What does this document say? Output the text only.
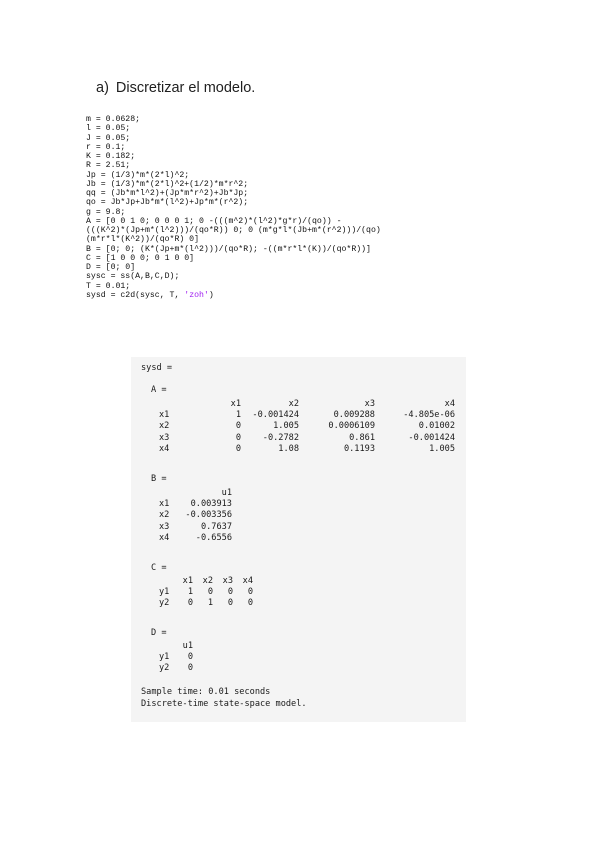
a) Discretizar el modelo.
m = 0.0628;
l = 0.05;
J = 0.05;
r = 0.1;
K = 0.182;
R = 2.51;
Jp = (1/3)*m*(2*l)^2;
Jb = (1/3)*m*(2*l)^2+(1/2)*m*r^2;
qq = (Jb*m*l^2)+(Jp*m*r^2)+Jb*Jp;
qo = Jb*Jp+Jb*m*(l^2)+Jp*m*(r^2);
g = 9.8;
A = [0 0 1 0; 0 0 0 1; 0 -(((m^2)*(l^2)*g*r)/(qo)) -
(((K^2)*(Jp+m*(l^2)))/(qo*R)) 0; 0 (m*g*l*(Jb+m*(r^2)))/(qo)
(m*r*l*(K^2))/(qo*R) 0]
B = [0; 0; (K*(Jp+m*(l^2)))/(qo*R); -((m*r*l*(K))/(qo*R))]
C = [1 0 0 0; 0 1 0 0]
D = [0; 0]
sysc = ss(A,B,C,D);
T = 0.01;
sysd = c2d(sysc, T, 'zoh')
sysd =
A =
x1	x2	x3	x4
x1	1	-0.001424	0.009288	-4.805e-06
x2	0	1.005	0.0006109	0.01002
x3	0	-0.2782	0.861	-0.001424
x4	0	1.08	0.1193	1.005
B =
u1
x1	0.003913
x2	-0.003356
x3	0.7637
x4	-0.6556
C =
x1	x2	x3	x4
y1	1	0	0	0
y2	0	1	0	0
D =
u1
y1	0
y2	0
Sample time: 0.01 seconds
Discrete-time state-space model.
